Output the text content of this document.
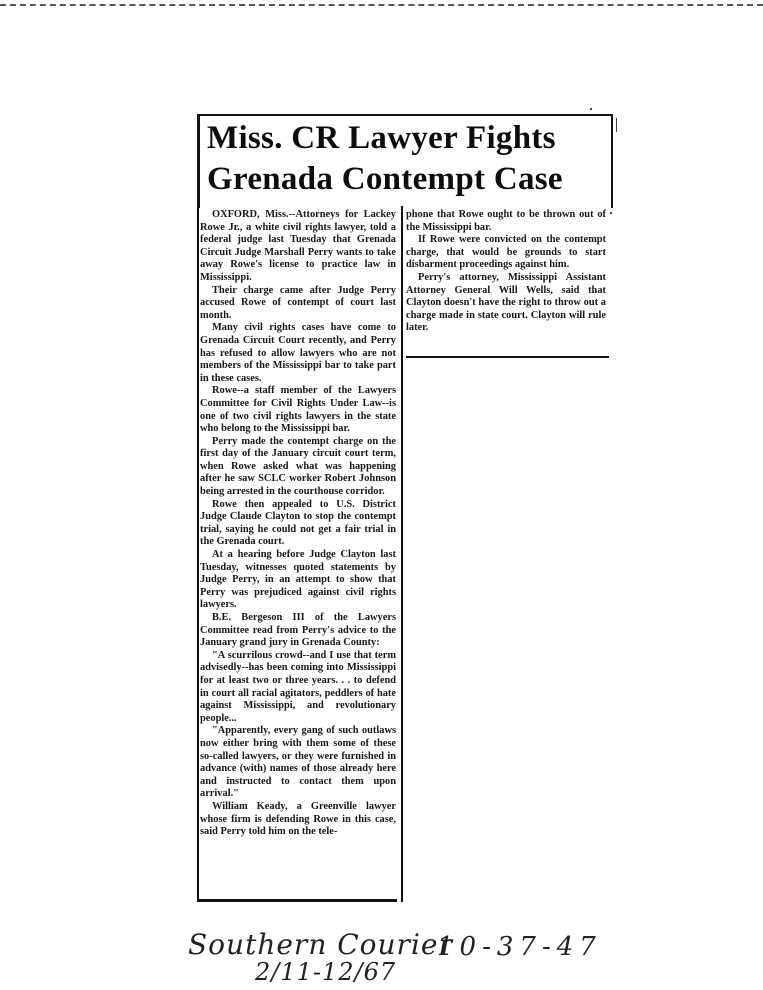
Miss. CR Lawyer Fights Grenada Contempt Case

OXFORD, Miss.--Attorneys for Lackey Rowe Jr., a white civil rights lawyer, told a federal judge last Tuesday that Grenada Circuit Judge Marshall Perry wants to take away Rowe's license to practice law in Mississippi.

Their charge came after Judge Perry accused Rowe of contempt of court last month.

Many civil rights cases have come to Grenada Circuit Court recently, and Perry has refused to allow lawyers who are not members of the Mississippi bar to take part in these cases.

Rowe--a staff member of the Lawyers Committee for Civil Rights Under Law--is one of two civil rights lawyers in the state who belong to the Mississippi bar.

Perry made the contempt charge on the first day of the January circuit court term, when Rowe asked what was happening after he saw SCLC worker Robert Johnson being arrested in the courthouse corridor.

Rowe then appealed to U.S. District Judge Claude Clayton to stop the contempt trial, saying he could not get a fair trial in the Grenada court.

At a hearing before Judge Clayton last Tuesday, witnesses quoted statements by Judge Perry, in an attempt to show that Perry was prejudiced against civil rights lawyers.

B.E. Bergeson III of the Lawyers Committee read from Perry's advice to the January grand jury in Grenada County:

"A scurrilous crowd--and I use that term advisedly--has been coming into Mississippi for at least two or three years. . . to defend in court all racial agitators, peddlers of hate against Mississippi, and revolutionary people...

"Apparently, every gang of such outlaws now either bring with them some of these so-called lawyers, or they were furnished in advance (with) names of those already here and instructed to contact them upon arrival."

William Keady, a Greenville lawyer whose firm is defending Rowe in this case, said Perry told him on the tele-

phone that Rowe ought to be thrown out of the Mississippi bar.

If Rowe were convicted on the contempt charge, that would be grounds to start disbarment proceedings against him.

Perry's attorney, Mississippi Assistant Attorney General Will Wells, said that Clayton doesn't have the right to throw out a charge made in state court. Clayton will rule later.

Southern Courier
2/11-12/67
10-37-47
